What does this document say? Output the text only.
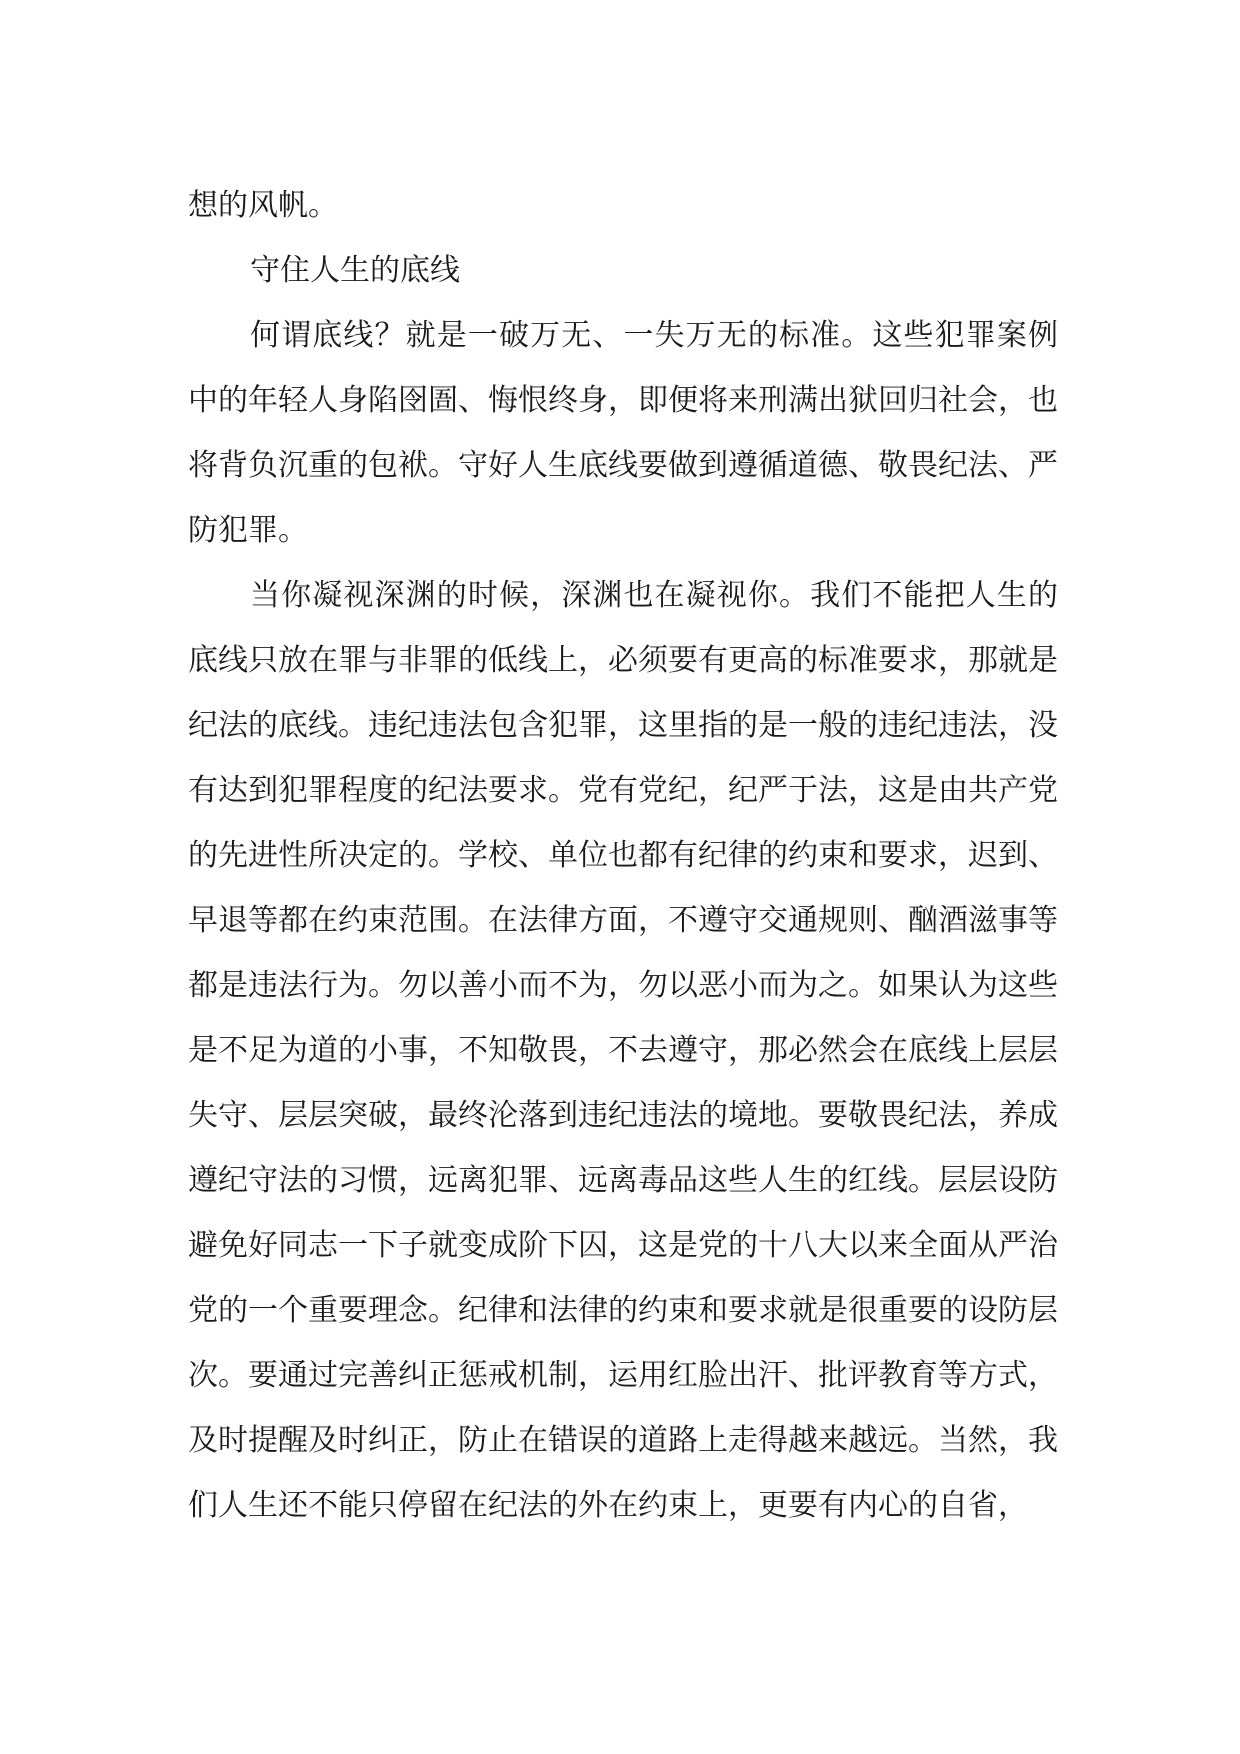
想的风帆。

守住人生的底线

何谓底线？就是一破万无、一失万无的标准。这些犯罪案例中的年轻人身陷囹圄、悔恨终身，即便将来刑满出狱回归社会，也将背负沉重的包袱。守好人生底线要做到遵循道德、敬畏纪法、严防犯罪。

当你凝视深渊的时候，深渊也在凝视你。我们不能把人生的底线只放在罪与非罪的低线上，必须要有更高的标准要求，那就是纪法的底线。违纪违法包含犯罪，这里指的是一般的违纪违法，没有达到犯罪程度的纪法要求。党有党纪，纪严于法，这是由共产党的先进性所决定的。学校、单位也都有纪律的约束和要求，迟到、早退等都在约束范围。在法律方面，不遵守交通规则、酗酒滋事等都是违法行为。勿以善小而不为，勿以恶小而为之。如果认为这些是不足为道的小事，不知敬畏，不去遵守，那必然会在底线上层层失守、层层突破，最终沦落到违纪违法的境地。要敬畏纪法，养成遵纪守法的习惯，远离犯罪、远离毒品这些人生的红线。层层设防避免好同志一下子就变成阶下囚，这是党的十八大以来全面从严治党的一个重要理念。纪律和法律的约束和要求就是很重要的设防层次。要通过完善纠正惩戒机制，运用红脸出汗、批评教育等方式，及时提醒及时纠正，防止在错误的道路上走得越来越远。当然，我们人生还不能只停留在纪法的外在约束上，更要有内心的自省，
